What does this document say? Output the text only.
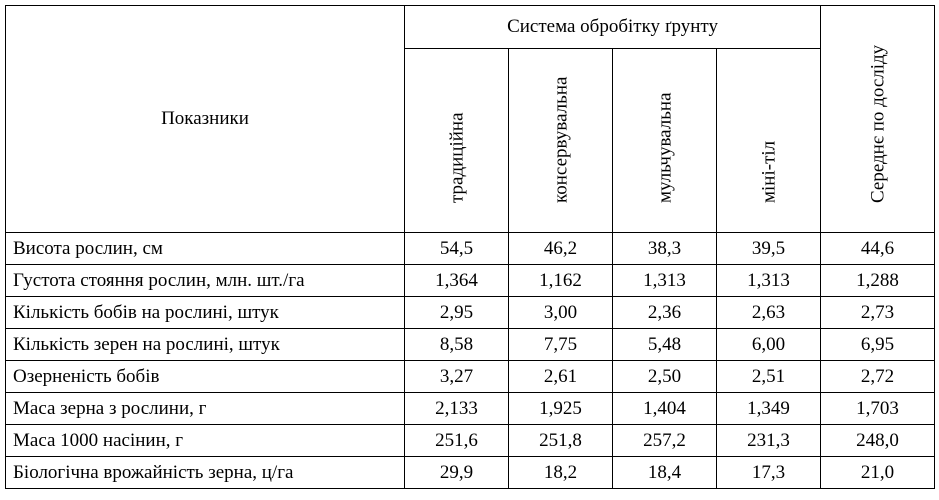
Показники	Система обробітку ґрунту				Середнє по досліду

	традиційна	консервувальна	мульчувальна	міні-тіл	

Висота рослин, см	54,5	46,2	38,3	39,5	44,6
Густота стояння рослин, млн. шт./га	1,364	1,162	1,313	1,313	1,288
Кількість бобів на рослині, штук	2,95	3,00	2,36	2,63	2,73
Кількість зерен на рослині, штук	8,58	7,75	5,48	6,00	6,95
Озерненість бобів	3,27	2,61	2,50	2,51	2,72
Маса зерна з рослини, г	2,133	1,925	1,404	1,349	1,703
Маса 1000 насінин, г	251,6	251,8	257,2	231,3	248,0
Біологічна врожайність зерна, ц/га	29,9	18,2	18,4	17,3	21,0
